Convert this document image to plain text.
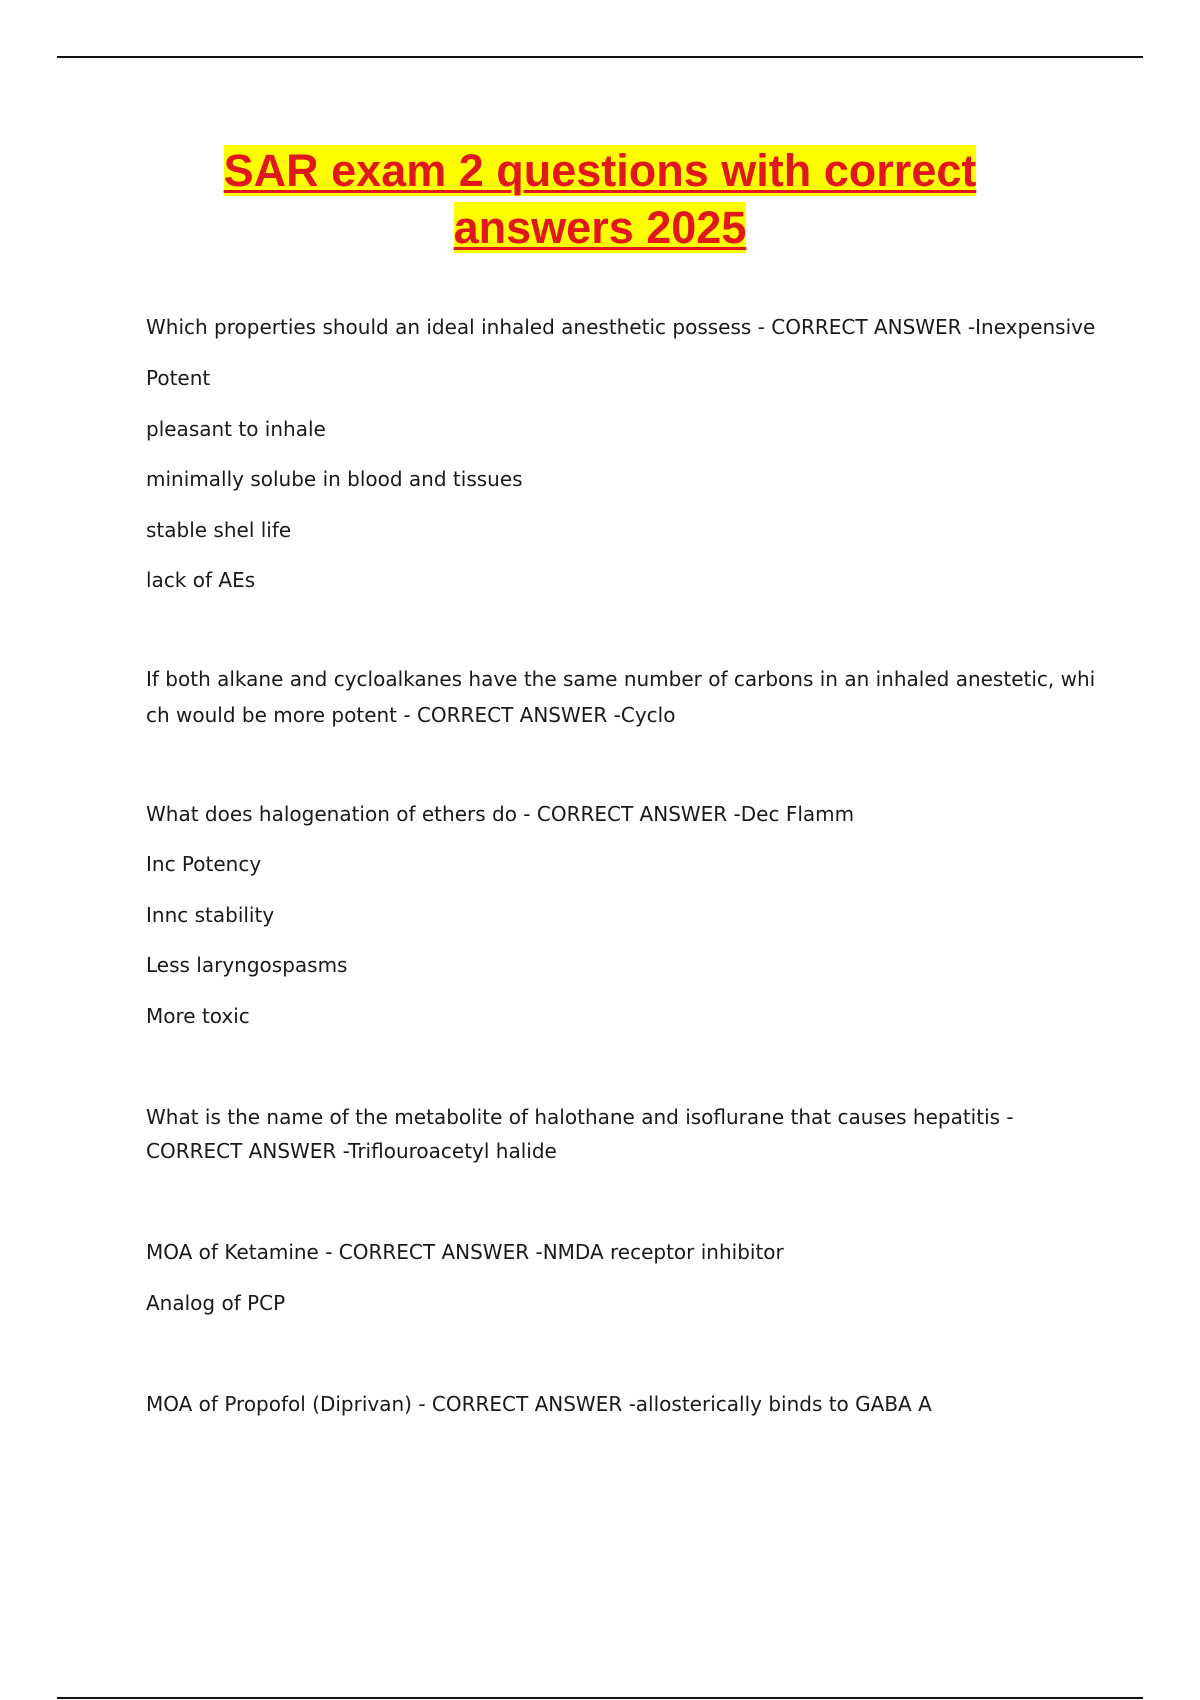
SAR exam 2 questions with correct
answers 2025
Which properties should an ideal inhaled anesthetic possess - CORRECT ANSWER -Inexpensive
Potent
pleasant to inhale
minimally solube in blood and tissues
stable shel life
lack of AEs
If both alkane and cycloalkanes have the same number of carbons in an inhaled anestetic, whi
ch would be more potent - CORRECT ANSWER -Cyclo
What does halogenation of ethers do - CORRECT ANSWER -Dec Flamm
Inc Potency
Innc stability
Less laryngospasms
More toxic
What is the name of the metabolite of halothane and isoflurane that causes hepatitis -
CORRECT ANSWER -Triflouroacetyl halide
MOA of Ketamine - CORRECT ANSWER -NMDA receptor inhibitor
Analog of PCP
MOA of Propofol (Diprivan) - CORRECT ANSWER -allosterically binds to GABA A
